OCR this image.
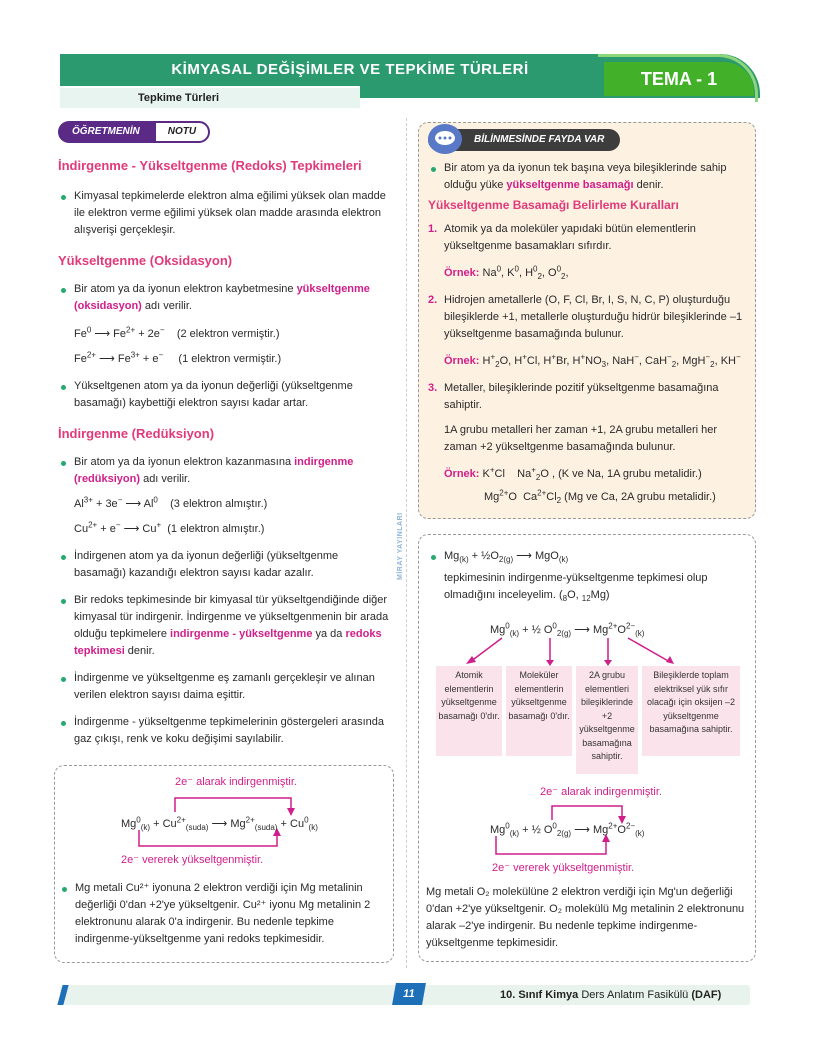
KİMYASAL DEĞİŞİMLER VE TEPKİME TÜRLERİ
Tepkime Türleri
TEMA - 1
ÖĞRETMENİN	NOTU
İndirgenme - Yükseltgenme (Redoks) Tepkimeleri
Kimyasal tepkimelerde elektron alma eğilimi yüksek olan madde ile elektron verme eğilimi yüksek olan madde arasında elektron alışverişi gerçekleşir.
Yükseltgenme (Oksidasyon)
Bir atom ya da iyonun elektron kaybetmesine yükseltgenme (oksidasyon) adı verilir.
Fe$^0$ ⟶ $Fe^{2+} + 2e^-$ (2 elektron vermiştir.)
$Fe^{2+}$ ⟶ $Fe^{3+} + e^-$ (1 elektron vermiştir.)
Yükseltgenen atom ya da iyonun değerliği (yükseltgenme basamağı) kaybettiği elektron sayısı kadar artar.
İndirgenme (Redüksiyon)
Bir atom ya da iyonun elektron kazanmasına indirgenme (redüksiyon) adı verilir.
$Al^{3+} + 3e^-$ ⟶ Al$^0$ (3 elektron almıştır.)
$Cu^{2+} + e^-$ ⟶ Cu+ (1 elektron almıştır.)
İndirgenen atom ya da iyonun değerliği (yükseltgenme basamağı) kazandığı elektron sayısı kadar azalır.
Bir redoks tepkimesinde bir kimyasal tür yükseltgendiğinde diğer kimyasal tür indirgenir. İndirgenme ve yükseltgenmenin bir arada olduğu tepkimelere indirgenme - yükseltgenme ya da redoks tepkimesi denir.
İndirgenme ve yükseltgenme eş zamanlı gerçekleşir ve alınan verilen elektron sayısı daima eşittir.
İndirgenme - yükseltgenme tepkimelerinin göstergeleri arasında gaz çıkışı, renk ve koku değişimi sayılabilir.
2e⁻ alarak indirgenmiştir.
$Mg^0_{(k)} + Cu^{2+}_{(suda)}$ ⟶ $Mg^{2+}_{(suda)} + Cu^0_{(k)}$
2e⁻ vererek yükseltgenmiştir.
Mg metali Cu²⁺ iyonuna 2 elektron verdiği için Mg metalinin değerliği 0'dan +2'ye yükseltgenir. Cu²⁺ iyonu Mg metalinin 2 elektronunu alarak 0'a indirgenir. Bu nedenle tepkime indirgenme-yükseltgenme yani redoks tepkimesidir.
MİRAY YAYINLARI
BİLİNMESİNDE FAYDA VAR
Bir atom ya da iyonun tek başına veya bileşiklerinde sahip olduğu yüke yükseltgenme basamağı denir.
Yükseltgenme Basamağı Belirleme Kuralları
1. Atomik ya da moleküler yapıdaki bütün elementlerin yükseltgenme basamakları sıfırdır.
Örnek: Na$^0$, $K^0$, $H^0_2$, $O^0_2$,
2. Hidrojen ametallerle (O, F, Cl, Br, I, S, N, C, P) oluşturduğu bileşiklerde +1, metallerle oluşturduğu hidrür bileşiklerinde –1 yükseltgenme basamağında bulunur.
Örnek: $H^+_2O$, H+Cl, H+Br, $H^+NO_3$, NaH−, CaH−$_2$, MgH−$_2$, KH−
3. Metaller, bileşiklerinde pozitif yükseltgenme basamağına sahiptir.
1A grubu metalleri her zaman +1, 2A grubu metalleri her zaman +2 yükseltgenme basamağında bulunur.
Örnek: K+Cl    $Na^+_2O$ , (K ve Na, 1A grubu metalidir.)
$Mg^{2+}O$  $Ca^{2+}Cl_2$ (Mg ve Ca, 2A grubu metalidir.)
$Mg_{(k)}$ + $\frac{1}{2}O_{2(g)}$ ⟶ MgO$_{(k)}$
tepkimesinin indirgenme-yükseltgenme tepkimesi olup olmadığını inceleyelim. ($_8O$, $_{12}$Mg)
$Mg^0_{(k)}$ + ½ $O^0_{2(g)}$ ⟶ $Mg^{2+}O^{2-}_{(k)}$
Atomik elementlerin yükseltgenme basamağı 0'dır.
Moleküler elementlerin yükseltgenme basamağı 0'dır.
2A grubu elementleri bileşiklerinde +2 yükseltgenme basamağına sahiptir.
Bileşiklerde toplam elektriksel yük sıfır olacağı için oksijen –2 yükseltgenme basamağına sahiptir.
2e⁻ alarak indirgenmiştir.
$Mg^0_{(k)}$ + ½ $O^0_{2(g)}$ ⟶ $Mg^{2+}O^{2-}_{(k)}$
2e⁻ vererek yükseltgenmiştir.
Mg metali O₂ molekülüne 2 elektron verdiği için Mg'un değerliği 0'dan +2'ye yükseltgenir. O₂ molekülü Mg metalinin 2 elektronunu alarak –2'ye indirgenir. Bu nedenle tepkime indirgenme-yükseltgenme tepkimesidir.
11	10. Sınıf Kimya Ders Anlatım Fasikülü (DAF)
